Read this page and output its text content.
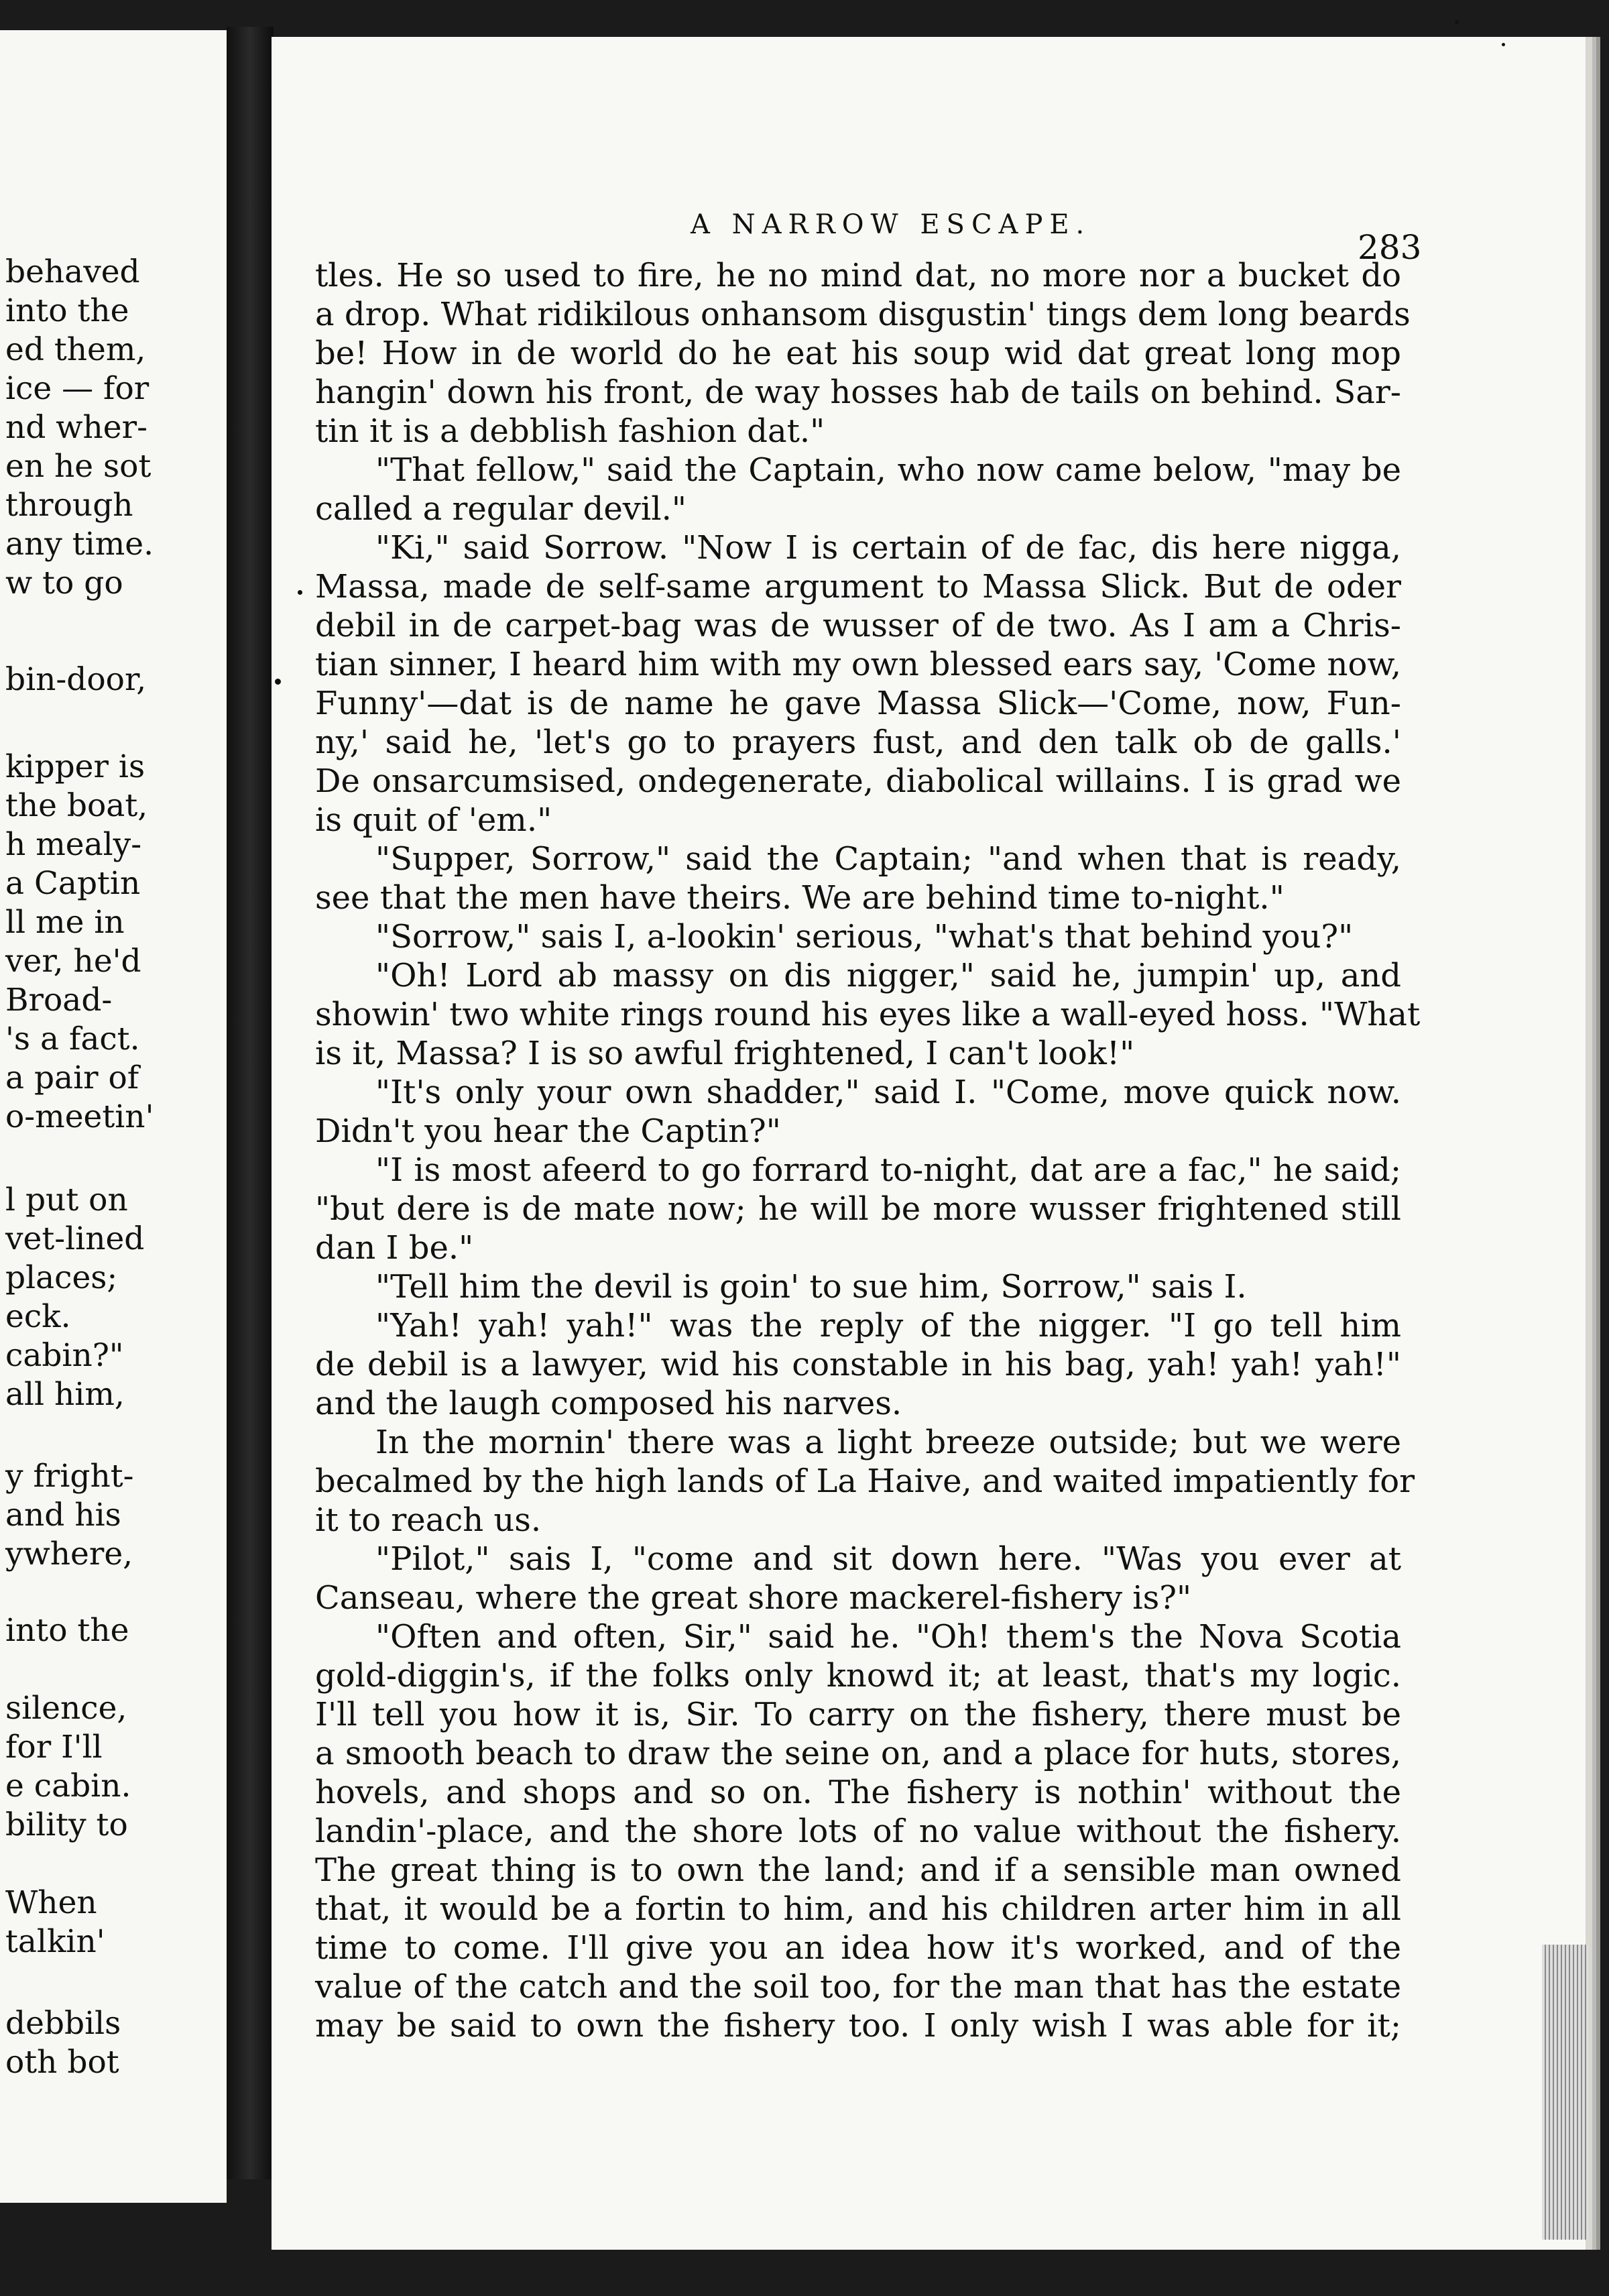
behaved
into the
ed them,
ice — for
nd wher-
en he sot
through
any time.
w to go
bin-door,
kipper is
the boat,
h mealy-
a Captin
ll me in
ver, he'd
Broad-
's a fact.
a pair of
o-meetin'
l put on
vet-lined
places;
eck.
cabin?"
all him,
y fright-
and his
ywhere,
into the
silence,
for I'll
e cabin.
bility to
When
talkin'
debbils
oth bot
A NARROW ESCAPE.
283
tles. He so used to fire, he no mind dat, no more nor a bucket do
a drop. What ridikilous onhansom disgustin' tings dem long beards
be! How in de world do he eat his soup wid dat great long mop
hangin' down his front, de way hosses hab de tails on behind. Sar-
tin it is a debblish fashion dat."
"That fellow," said the Captain, who now came below, "may be
called a regular devil."
"Ki," said Sorrow. "Now I is certain of de fac, dis here nigga,
Massa, made de self-same argument to Massa Slick. But de oder
debil in de carpet-bag was de wusser of de two. As I am a Chris-
tian sinner, I heard him with my own blessed ears say, 'Come now,
Funny'—dat is de name he gave Massa Slick—'Come, now, Fun-
ny,' said he, 'let's go to prayers fust, and den talk ob de galls.'
De onsarcumsised, ondegenerate, diabolical willains. I is grad we
is quit of 'em."
"Supper, Sorrow," said the Captain; "and when that is ready,
see that the men have theirs. We are behind time to-night."
"Sorrow," sais I, a-lookin' serious, "what's that behind you?"
"Oh! Lord ab massy on dis nigger," said he, jumpin' up, and
showin' two white rings round his eyes like a wall-eyed hoss. "What
is it, Massa? I is so awful frightened, I can't look!"
"It's only your own shadder," said I. "Come, move quick now.
Didn't you hear the Captin?"
"I is most afeerd to go forrard to-night, dat are a fac," he said;
"but dere is de mate now; he will be more wusser frightened still
dan I be."
"Tell him the devil is goin' to sue him, Sorrow," sais I.
"Yah! yah! yah!" was the reply of the nigger. "I go tell him
de debil is a lawyer, wid his constable in his bag, yah! yah! yah!"
and the laugh composed his narves.
In the mornin' there was a light breeze outside; but we were
becalmed by the high lands of La Haive, and waited impatiently for
it to reach us.
"Pilot," sais I, "come and sit down here. "Was you ever at
Canseau, where the great shore mackerel-fishery is?"
"Often and often, Sir," said he. "Oh! them's the Nova Scotia
gold-diggin's, if the folks only knowd it; at least, that's my logic.
I'll tell you how it is, Sir. To carry on the fishery, there must be
a smooth beach to draw the seine on, and a place for huts, stores,
hovels, and shops and so on. The fishery is nothin' without the
landin'-place, and the shore lots of no value without the fishery.
The great thing is to own the land; and if a sensible man owned
that, it would be a fortin to him, and his children arter him in all
time to come. I'll give you an idea how it's worked, and of the
value of the catch and the soil too, for the man that has the estate
may be said to own the fishery too. I only wish I was able for it;
